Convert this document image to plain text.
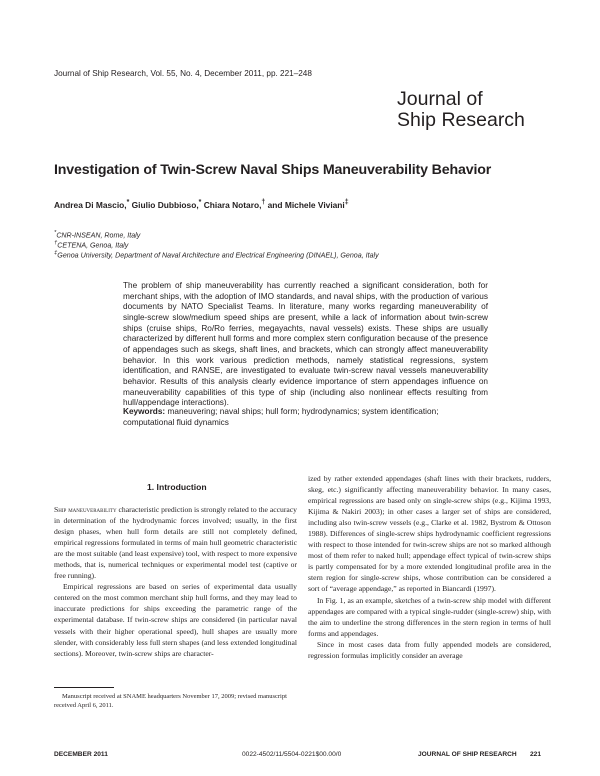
Journal of Ship Research, Vol. 55, No. 4, December 2011, pp. 221–248
Journal of
Ship Research
Investigation of Twin-Screw Naval Ships Maneuverability Behavior
Andrea Di Mascio,* Giulio Dubbioso,* Chiara Notaro,† and Michele Viviani‡
*CNR-INSEAN, Rome, Italy
†CETENA, Genoa, Italy
‡Genoa University, Department of Naval Architecture and Electrical Engineering (DINAEL), Genoa, Italy
The problem of ship maneuverability has currently reached a significant consideration, both for merchant ships, with the adoption of IMO standards, and naval ships, with the production of various documents by NATO Specialist Teams. In literature, many works regarding maneuverability of single-screw slow/medium speed ships are present, while a lack of information about twin-screw ships (cruise ships, Ro/Ro ferries, megayachts, naval vessels) exists. These ships are usually characterized by different hull forms and more complex stern configuration because of the presence of appendages such as skegs, shaft lines, and brackets, which can strongly affect maneuverability behavior. In this work various prediction methods, namely statistical regressions, system identification, and RANSE, are investigated to evaluate twin-screw naval vessels maneuverability behavior. Results of this analysis clearly evidence importance of stern appendages influence on maneuverability capabilities of this type of ship (including also nonlinear effects resulting from hull/appendage interactions).
Keywords: maneuvering; naval ships; hull form; hydrodynamics; system identification; computational fluid dynamics
1. Introduction

Ship maneuverability characteristic prediction is strongly related to the accuracy in determination of the hydrodynamic forces involved; usually, in the first design phases, when hull form details are still not completely defined, empirical regressions formulated in terms of main hull geometric characteristic are the most suitable (and least expensive) tool, with respect to more expensive methods, that is, numerical techniques or experimental model test (captive or free running).

Empirical regressions are based on series of experimental data usually centered on the most common merchant ship hull forms, and they may lead to inaccurate predictions for ships exceeding the parametric range of the experimental database. If twin-screw ships are considered (in particular naval vessels with their higher operational speed), hull shapes are usually more slender, with considerably less full stern shapes (and less extended longitudinal sections). Moreover, twin-screw ships are character-

ized by rather extended appendages (shaft lines with their brackets, rudders, skeg, etc.) significantly affecting maneuverability behavior. In many cases, empirical regressions are based only on single-screw ships (e.g., Kijima 1993, Kijima & Nakiri 2003); in other cases a larger set of ships are considered, including also twin-screw vessels (e.g., Clarke et al. 1982, Bystrom & Ottoson 1988). Differences of single-screw ships hydrodynamic coefficient regressions with respect to those intended for twin-screw ships are not so marked although most of them refer to naked hull; appendage effect typical of twin-screw ships is partly compensated for by a more extended longitudinal profile area in the stern region for single-screw ships, whose contribution can be considered a sort of “average appendage,” as reported in Biancardi (1997).

In Fig. 1, as an example, sketches of a twin-screw ship model with different appendages are compared with a typical single-rudder (single-screw) ship, with the aim to underline the strong differences in the stern region in terms of hull forms and appendages.

Since in most cases data from fully appended models are considered, regression formulas implicitly consider an average

Manuscript received at SNAME headquarters November 17, 2009; revised manuscript received April 6, 2011.
DECEMBER 2011	0022-4502/11/5504-0221$00.00/0	JOURNAL OF SHIP RESEARCH 221
